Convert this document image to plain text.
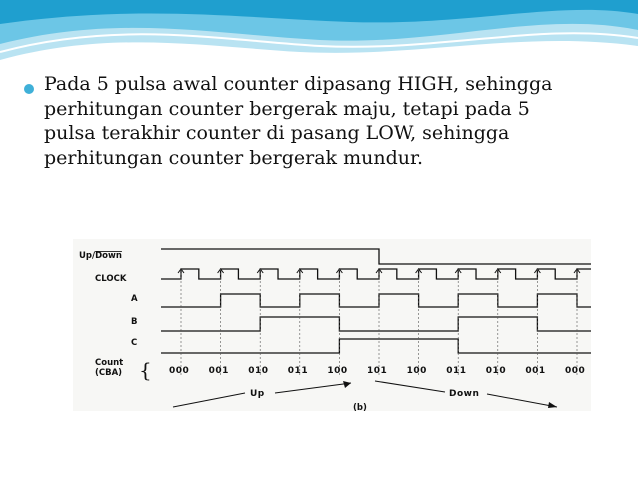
Pada 5 pulsa awal counter dipasang HIGH, sehingga
perhitungan counter bergerak maju, tetapi pada 5
pulsa terakhir counter di pasang LOW, sehingga
perhitungan counter bergerak mundur.
Up/Down
CLOCK
A
B
C
Count
(CBA) { 000 001 010 011 100 101 100 011 010 001 000
Up	Down
(b)
